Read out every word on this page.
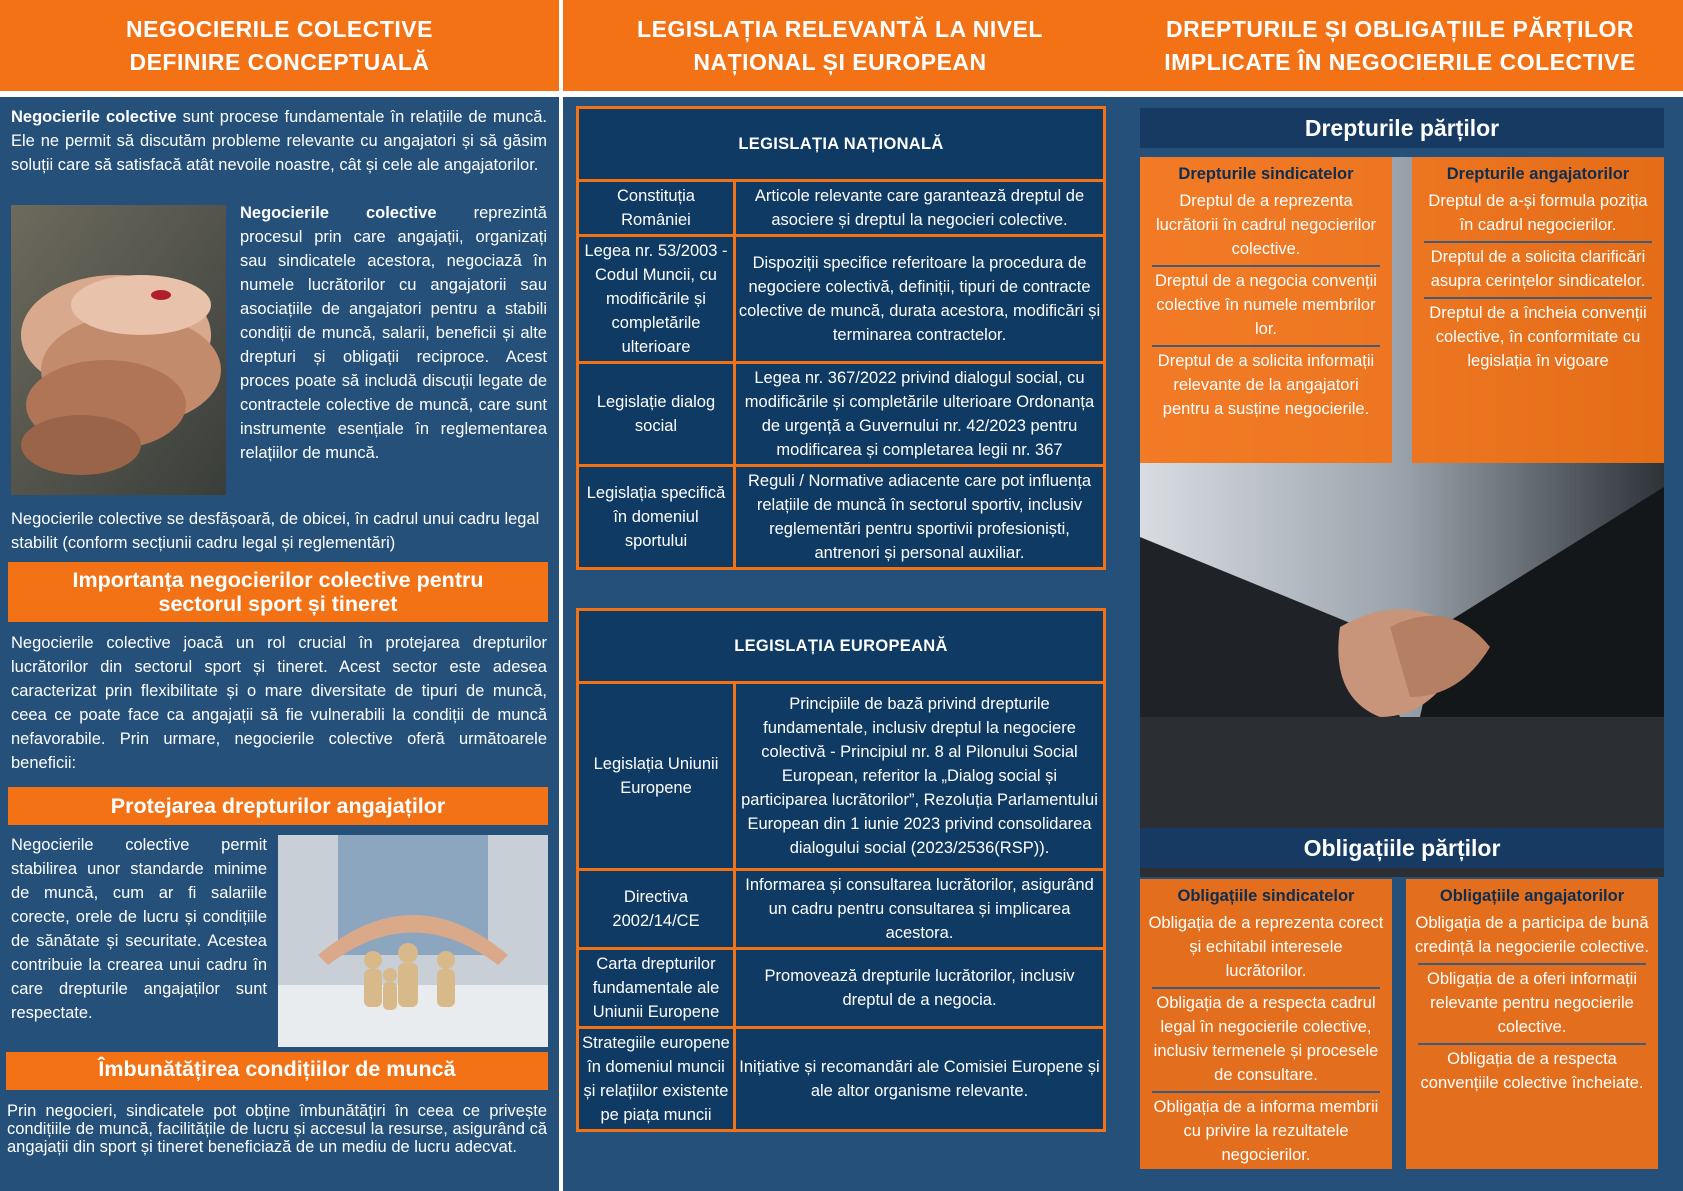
NEGOCIERILE COLECTIVE
DEFINIRE CONCEPTUALĂ
LEGISLAȚIA RELEVANTĂ LA NIVEL
NAȚIONAL ȘI EUROPEAN
DREPTURILE ȘI OBLIGAȚIILE PĂRȚILOR
IMPLICATE ÎN NEGOCIERILE COLECTIVE

Negocierile colective sunt procese fundamentale în relațiile de muncă. Ele ne permit să discutăm probleme relevante cu angajatori și să găsim soluții care să satisfacă atât nevoile noastre, cât și cele ale angajatorilor.

Negocierile colective reprezintă procesul prin care angajații, organizați sau sindicatele acestora, negociază în numele lucrătorilor cu angajatorii sau asociațiile de angajatori pentru a stabili condiții de muncă, salarii, beneficii și alte drepturi și obligații reciproce. Acest proces poate să includă discuții legate de contractele colective de muncă, care sunt instrumente esențiale în reglementarea relațiilor de muncă.

Negocierile colective se desfășoară, de obicei, în cadrul unui cadru legal stabilit (conform secțiunii cadru legal și reglementări)

Importanța negocierilor colective pentru sectorul sport și tineret

Negocierile colective joacă un rol crucial în protejarea drepturilor lucrătorilor din sectorul sport și tineret. Acest sector este adesea caracterizat prin flexibilitate și o mare diversitate de tipuri de muncă, ceea ce poate face ca angajații să fie vulnerabili la condiții de muncă nefavorabile. Prin urmare, negocierile colective oferă următoarele beneficii:

Protejarea drepturilor angajaților

Negocierile colective permit stabilirea unor standarde minime de muncă, cum ar fi salariile corecte, orele de lucru și condițiile de sănătate și securitate. Acestea contribuie la crearea unui cadru în care drepturile angajaților sunt respectate.

Îmbunătățirea condițiilor de muncă

Prin negocieri, sindicatele pot obține îmbunătățiri în ceea ce privește condițiile de muncă, facilitățile de lucru și accesul la resurse, asigurând că angajații din sport și tineret beneficiază de un mediu de lucru adecvat.

LEGISLAȚIA NAȚIONALĂ	
Constituția României	Articole relevante care garantează dreptul de asociere și dreptul la negocieri colective.
Legea nr. 53/2003 - Codul Muncii, cu modificările și completările ulterioare	Dispoziții specifice referitoare la procedura de negociere colectivă, definiții, tipuri de contracte colective de muncă, durata acestora, modificări și terminarea contractelor.
Legislație dialog social	Legea nr. 367/2022 privind dialogul social, cu modificările și completările ulterioare Ordonanța de urgență a Guvernului nr. 42/2023 pentru modificarea și completarea legii nr. 367
Legislația specifică în domeniul sportului	Reguli / Normative adiacente care pot influența relațiile de muncă în sectorul sportiv, inclusiv reglementări pentru sportivii profesioniști, antrenori și personal auxiliar.
LEGISLAȚIA EUROPEANĂ	
Legislația Uniunii Europene	Principiile de bază privind drepturile fundamentale, inclusiv dreptul la negociere colectivă - Principiul nr. 8 al Pilonului Social European, referitor la „Dialog social și participarea lucrătorilor”, Rezoluția Parlamentului European din 1 iunie 2023 privind consolidarea dialogului social (2023/2536(RSP)).
Directiva 2002/14/CE	Informarea și consultarea lucrătorilor, asigurând un cadru pentru consultarea și implicarea acestora.
Carta drepturilor fundamentale ale Uniunii Europene	Promovează drepturile lucrătorilor, inclusiv dreptul de a negocia.
Strategiile europene în domeniul muncii și relațiilor existente pe piața muncii	Inițiative și recomandări ale Comisiei Europene și ale altor organisme relevante.
Drepturile părților
Drepturile sindicatelor
Dreptul de a reprezenta lucrătorii în cadrul negocierilor colective.
Dreptul de a negocia convenții colective în numele membrilor lor.
Dreptul de a solicita informații relevante de la angajatori pentru a susține negocierile.
Drepturile angajatorilor
Dreptul de a-și formula poziția în cadrul negocierilor.
Dreptul de a solicita clarificări asupra cerințelor sindicatelor.
Dreptul de a încheia convenții colective, în conformitate cu legislația în vigoare
Obligațiile părților
Obligațiile sindicatelor
Obligația de a reprezenta corect și echitabil interesele lucrătorilor.
Obligația de a respecta cadrul legal în negocierile colective, inclusiv termenele și procesele de consultare.
Obligația de a informa membrii cu privire la rezultatele negocierilor.
Obligațiile angajatorilor
Obligația de a participa de bună credință la negocierile colective.
Obligația de a oferi informații relevante pentru negocierile colective.
Obligația de a respecta convențiile colective încheiate.
